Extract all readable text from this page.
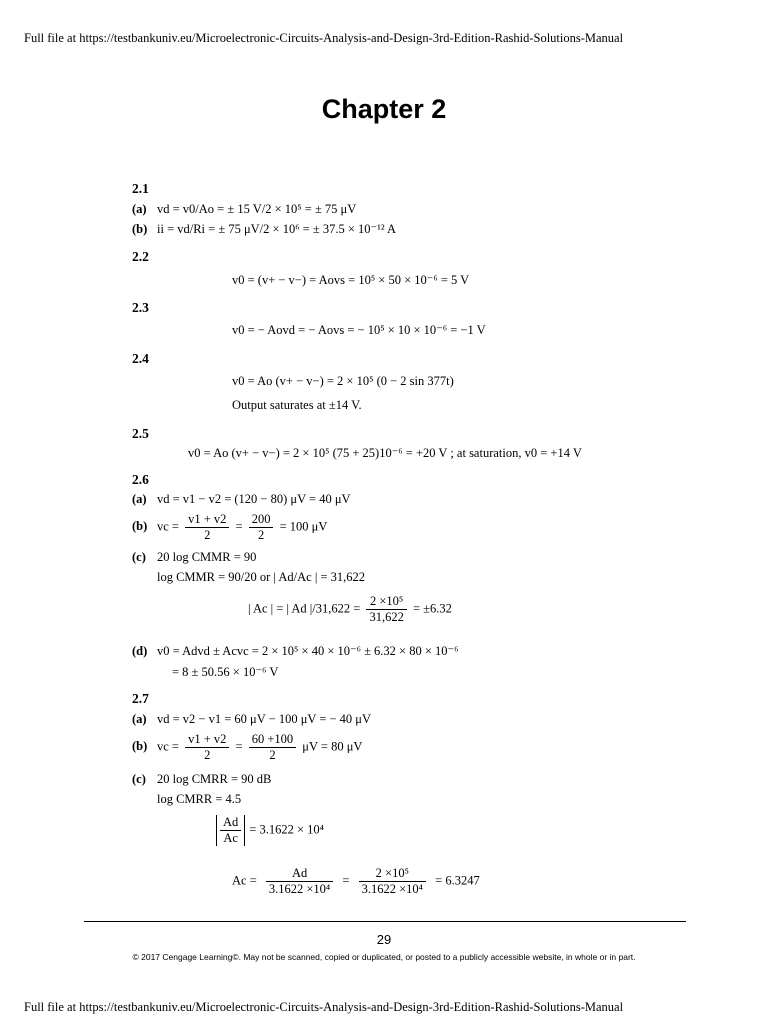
Full file at https://testbankuniv.eu/Microelectronic-Circuits-Analysis-and-Design-3rd-Edition-Rashid-Solutions-Manual
Chapter 2
2.1
(a) vd = v0/Ao = ± 15 V/2 × 10⁵ = ± 75 μV
(b) ii = vd/Ri = ± 75 μV/2 × 10⁶ = ± 37.5 × 10⁻¹² A
2.2
v0 = (v+ − v−) = Aovs = 10⁵ × 50 × 10⁻⁶ = 5 V
2.3
v0 = − Aovd = − Aovs = − 10⁵ × 10 × 10⁻⁶ = −1 V
2.4
v0 = Ao (v+ − v−) = 2 × 10⁵ (0 − 2 sin 377t)
Output saturates at ±14 V.
2.5
v0 = Ao (v+ − v−) = 2 × 10⁵ (75 + 25)10⁻⁶ = +20 V ; at saturation, v0 = +14 V
2.6
(a) vd = v1 − v2 = (120 − 80) μV = 40 μV
(b) vc = $\frac{v1 + v2}{2} = \frac{200}{2} = 100$ μV
(c) 20 log CMMR = 90
log CMMR = 90/20 or | Ad/Ac | = 31,622
| Ac | = | Ad $|/31,622 = \frac{\text{2 ×10⁵}}{31,622} = \pm 6.32$
(d) v0 = Advd ± Acvc = 2 × 10⁵ × 40 × 10⁻⁶ ± 6.32 × 80 × 10⁻⁶
= 8 ± 50.56 × 10⁻⁶ V
2.7
(a) vd = v2 − v1 = 60 μV − 100 μV = − 40 μV
(b) vc = $\frac{v1 + v2}{2} = \frac{60 +100}{2}$ μV = 80 μV
(c) 20 log CMRR = 90 dB
log CMRR = 4.5
$\frac{Ad}{Ac} = 3.1622 \times 10^4$
$Ac = \frac{Ad}{\text{3.1622 ×10⁴}} = \frac{\text{2 ×10⁵}}{\text{3.1622 ×10⁴}} = 6.3247$
29
© 2017 Cengage Learning©. May not be scanned, copied or duplicated, or posted to a publicly accessible website, in whole or in part.
Full file at https://testbankuniv.eu/Microelectronic-Circuits-Analysis-and-Design-3rd-Edition-Rashid-Solutions-Manual
